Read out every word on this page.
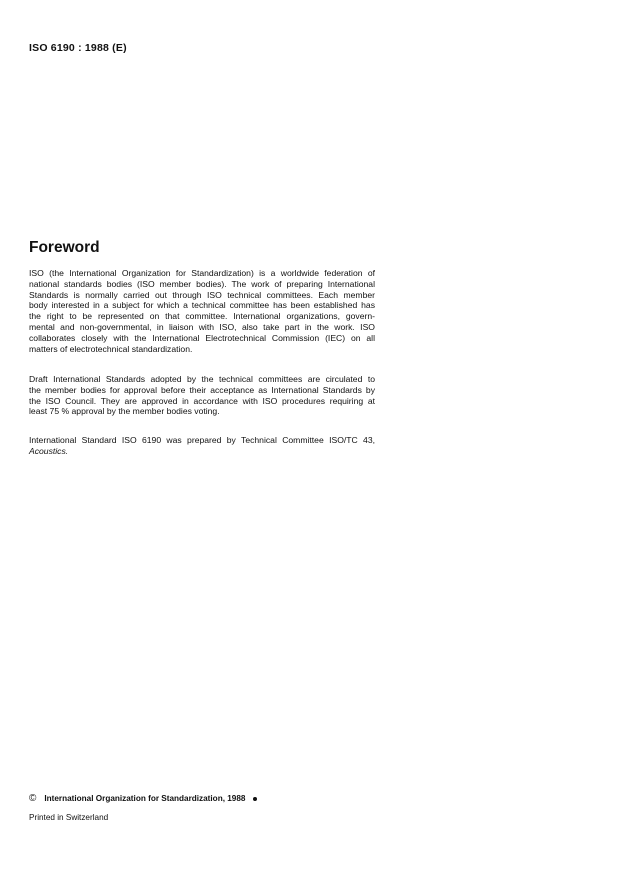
ISO 6190 : 1988 (E)
Foreword
ISO (the International Organization for Standardization) is a worldwide federation of
national standards bodies (ISO member bodies). The work of preparing International
Standards is normally carried out through ISO technical committees. Each member
body interested in a subject for which a technical committee has been established has
the right to be represented on that committee. International organizations, govern-
mental and non-governmental, in liaison with ISO, also take part in the work. ISO
collaborates closely with the International Electrotechnical Commission (IEC) on all
matters of electrotechnical standardization.
Draft International Standards adopted by the technical committees are circulated to
the member bodies for approval before their acceptance as International Standards by
the ISO Council. They are approved in accordance with ISO procedures requiring at
least 75 % approval by the member bodies voting.
International Standard ISO 6190 was prepared by Technical Committee ISO/TC 43,
Acoustics.
© International Organization for Standardization, 1988
Printed in Switzerland
